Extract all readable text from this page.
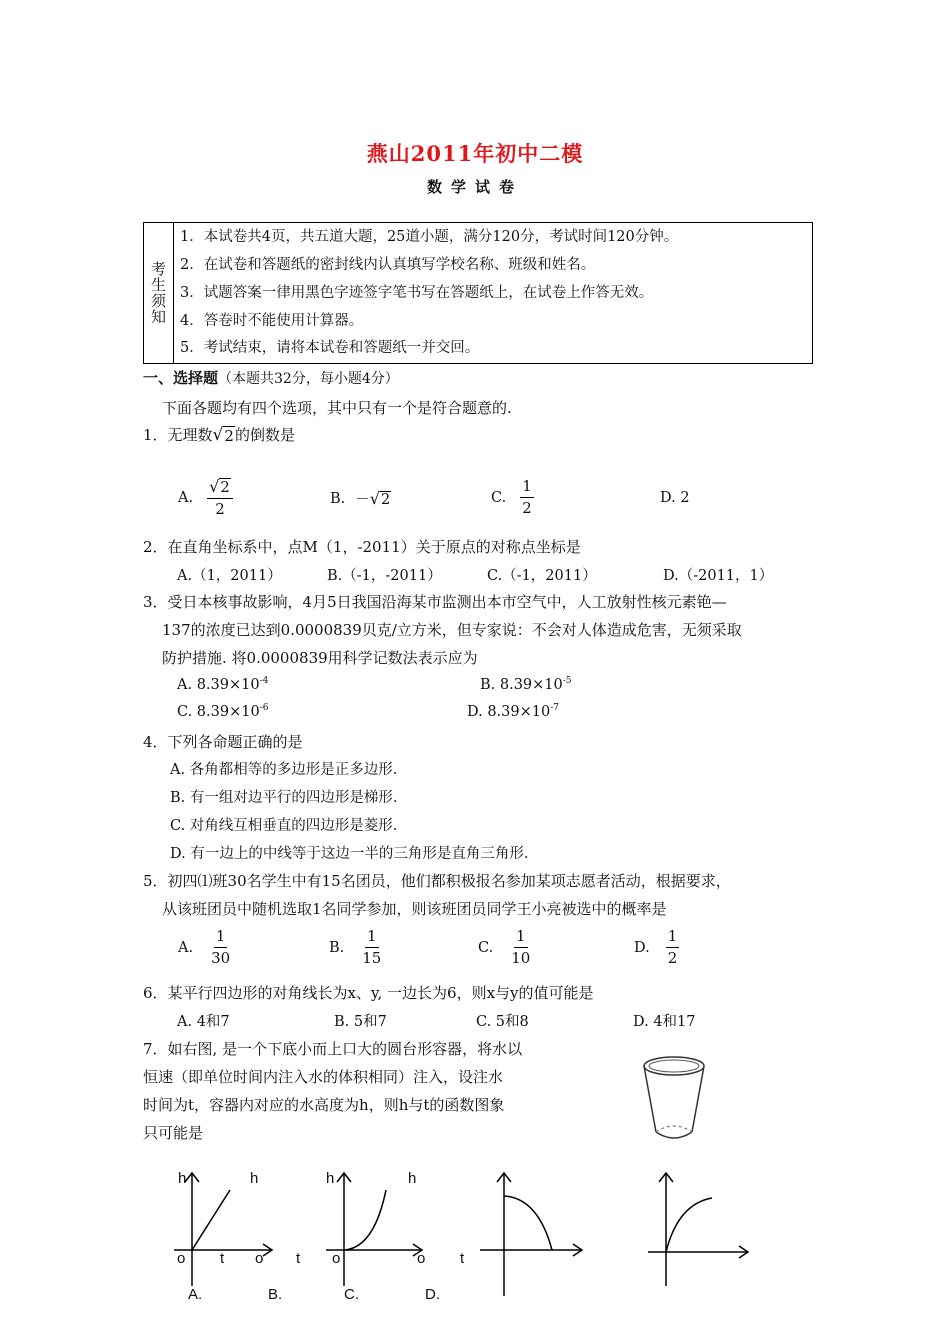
燕山2011年初中二模
数学试卷
考生须知
1．本试卷共4页，共五道大题，25道小题，满分120分，考试时间120分钟。
2．在试卷和答题纸的密封线内认真填写学校名称、班级和姓名。
3．试题答案一律用黑色字迹签字笔书写在答题纸上，在试卷上作答无效。
4．答卷时不能使用计算器。
5．考试结束，请将本试卷和答题纸一并交回。
一、选择题（本题共32分，每小题4分）
下面各题均有四个选项，其中只有一个是符合题意的.
1．无理数 √ 2 的倒数是
A. $\frac{√ 2}{2}$	B. － √ 2	C. $\frac{1}{2}$	D. 2
2．在直角坐标系中，点M（1，-2011）关于原点的对称点坐标是
A.（1，2011）	B.（-1，-2011）	C.（-1，2011）	D.（-2011，1）
3．受日本核事故影响，4月5日我国沿海某市监测出本市空气中，人工放射性核元素铯—
137的浓度已达到0.0000839贝克/立方米，但专家说：不会对人体造成危害，无须采取
防护措施. 将0.0000839用科学记数法表示应为
A. $8.39\times 10^{-4}$	B. $8.39\times 10^{-5}$
C. $8.39\times 10^{-6}$	D. $8.39\times 10^{-7}$
4．下列各命题正确的是
A. 各角都相等的多边形是正多边形.
B. 有一组对边平行的四边形是梯形.
C. 对角线互相垂直的四边形是菱形.
D. 有一边上的中线等于这边一半的三角形是直角三角形.
5．初四⑴班30名学生中有15名团员，他们都积极报名参加某项志愿者活动，根据要求，
从该班团员中随机选取1名同学参加，则该班团员同学王小亮被选中的概率是
A. $\frac{1}{30}$	B. $\frac{1}{15}$	C. $\frac{1}{10}$	D. $\frac{1}{2}$
6．某平行四边形的对角线长为x、y, 一边长为6，则x与y的值可能是
A. 4和7	B. 5和7	C. 5和8	D. 4和17
7．如右图, 是一个下底小而上口大的圆台形容器，将水以
恒速（即单位时间内注入水的体积相同）注入，设注水
时间为t，容器内对应的水高度为h，则h与t的函数图象
只可能是
h	h
o t
A.
o t
h	h
o
B.
o t
C.	D.
